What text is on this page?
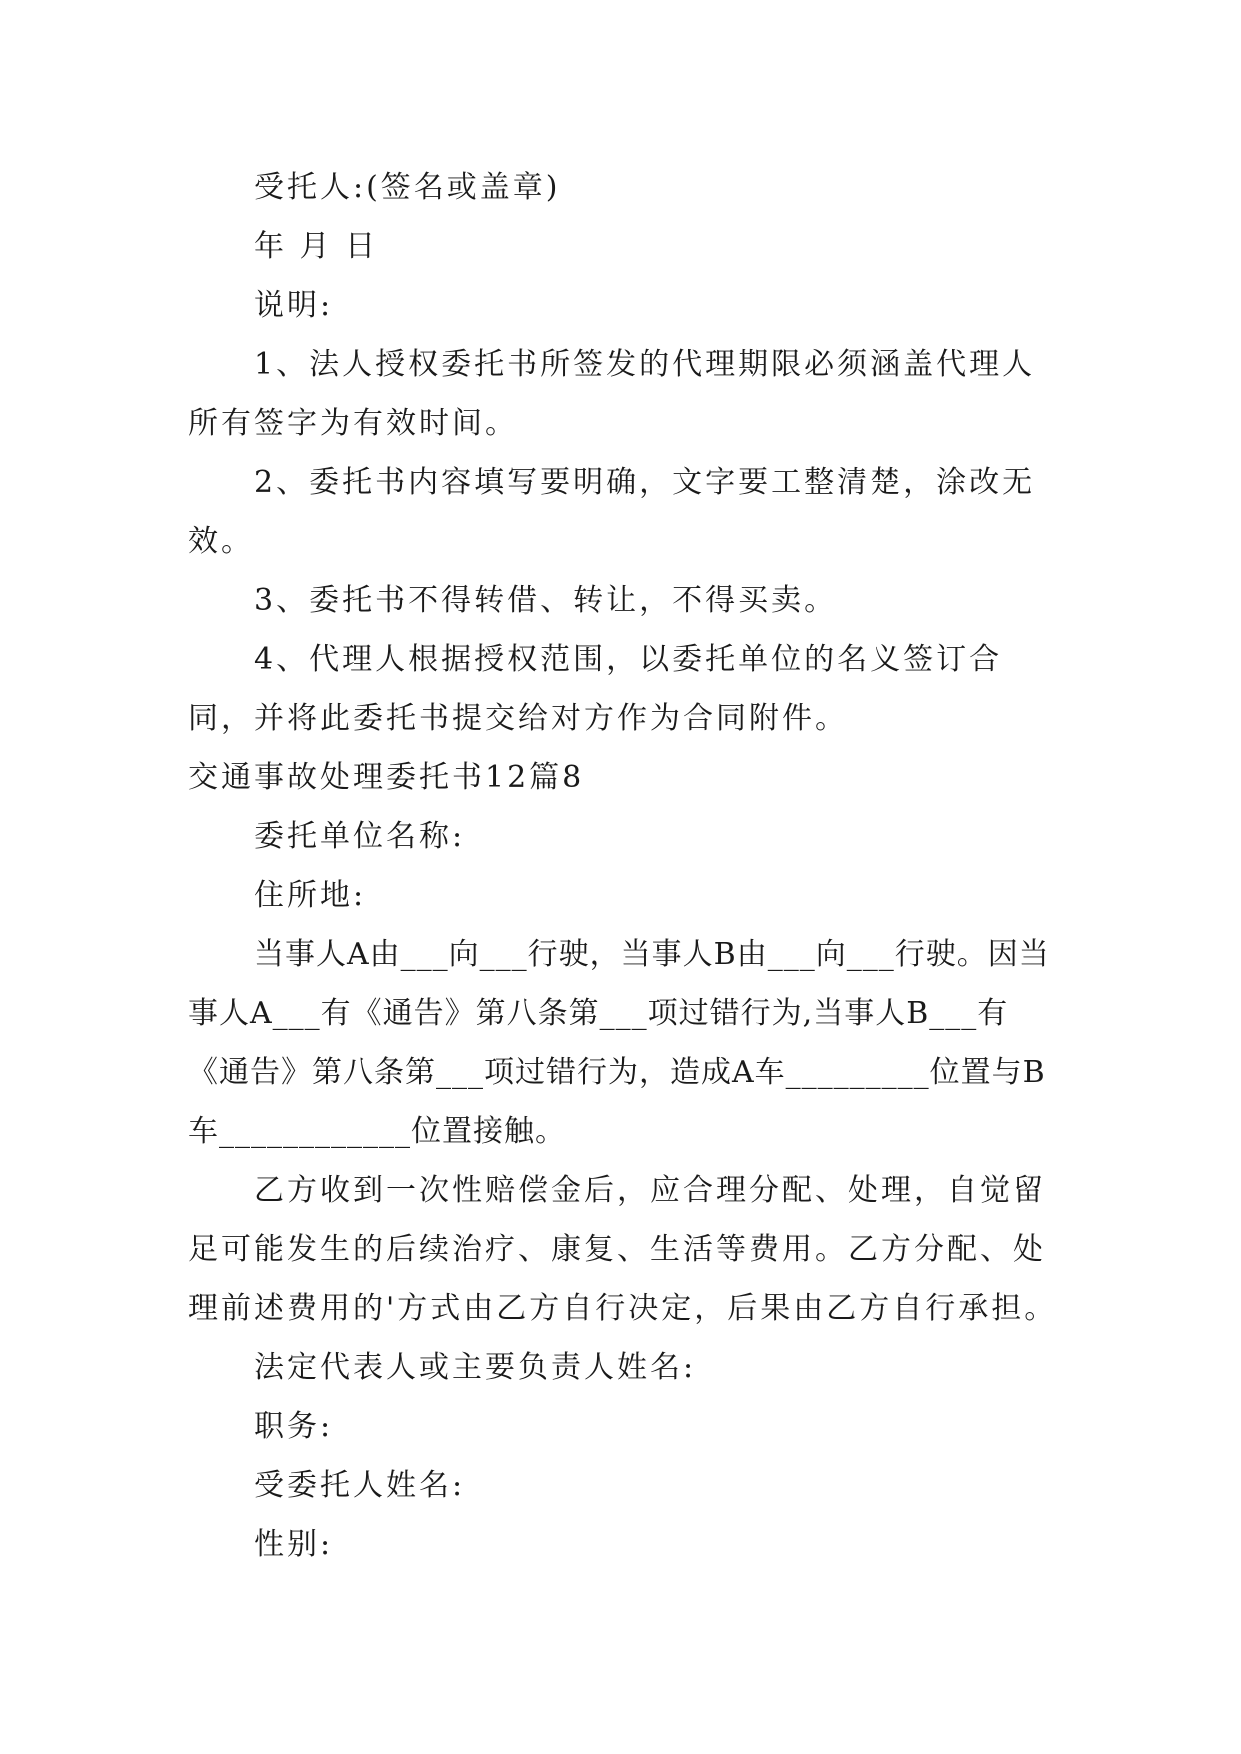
受托人:(签名或盖章)

年 月 日

说明:

1、法人授权委托书所签发的代理期限必须涵盖代理人所有签字为有效时间。

2、委托书内容填写要明确，文字要工整清楚，涂改无效。

3、委托书不得转借、转让，不得买卖。

4、代理人根据授权范围，以委托单位的名义签订合同，并将此委托书提交给对方作为合同附件。

交通事故处理委托书12篇8

委托单位名称:

住所地:

当事人A由___向___行驶，当事人B由___向___行驶。因当事人A___有《通告》第八条第___项过错行为,当事人B___有《通告》第八条第___项过错行为，造成A车_________位置与B车____________位置接触。

乙方收到一次性赔偿金后，应合理分配、处理，自觉留足可能发生的后续治疗、康复、生活等费用。乙方分配、处理前述费用的'方式由乙方自行决定，后果由乙方自行承担。

法定代表人或主要负责人姓名:

职务:

受委托人姓名:

性别:
